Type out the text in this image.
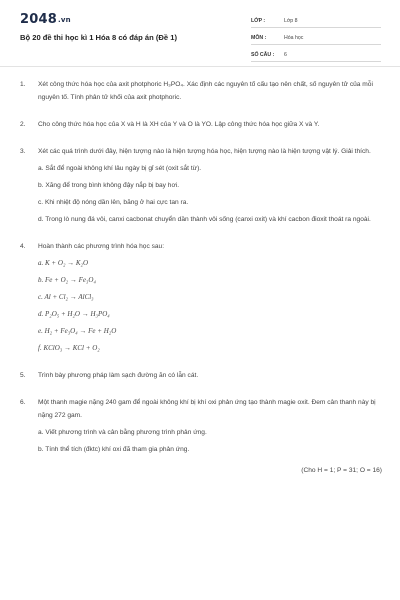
2048.vn
Bộ 20 đề thi học kì 1 Hóa 8 có đáp án (Đề 1)
LỚP :	Lớp 8
MÔN :	Hóa học
SỐ CÂU :	6
1.	Xét công thức hóa học của axit photphoric H₃PO₄. Xác định các nguyên tố cấu tạo nên chất, số nguyên tử của mỗi nguyên tố. Tính phân tử khối của axit photphoric.
2.	Cho công thức hóa học của X và H là XH của Y và O là YO. Lập công thức hóa học giữa X và Y.
3.	Xét các quá trình dưới đây, hiện tượng nào là hiện tượng hóa học, hiện tượng nào là hiện tượng vật lý. Giải thích.
a. Sắt để ngoài không khí lâu ngày bị gỉ sét (oxit sắt từ).
b. Xăng để trong bình không đậy nắp bị bay hơi.
c. Khi nhiệt độ nóng dần lên, băng ở hai cực tan ra.
d. Trong lò nung đá vôi, canxi cacbonat chuyển dần thành vôi sống (canxi oxit) và khí cacbon đioxit thoát ra ngoài.
4.	Hoàn thành các phương trình hóa học sau:
a. K + O₂ → K₂O
b. Fe + O₂ → Fe₃O₄
c. Al + Cl₂ → AlCl₃
d. P₂O₅ + H₂O → H₃PO₄
e. H₂ + Fe₃O₄ → Fe + H₂O
f. KClO₃ → KCl + O₂
5.	Trình bày phương pháp làm sạch đường ăn có lẫn cát.
6.	Một thanh magie nặng 240 gam để ngoài không khí bị khí oxi phản ứng tạo thành magie oxit. Đem cân thanh này bị nặng 272 gam.
a. Viết phương trình và cân bằng phương trình phản ứng.
b. Tính thể tích (đktc) khí oxi đã tham gia phản ứng.
(Cho H = 1; P = 31; O = 16)
